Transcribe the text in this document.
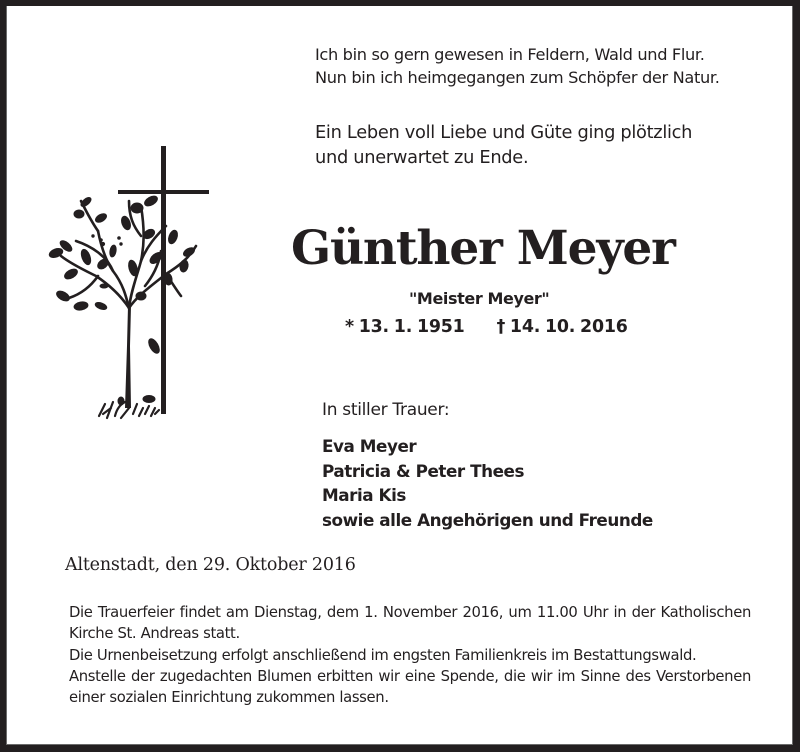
Ich bin so gern gewesen in Feldern, Wald und Flur.
Nun bin ich heimgegangen zum Schöpfer der Natur.
Ein Leben voll Liebe und Güte ging plötzlich
und unerwartet zu Ende.
Günther Meyer
"Meister Meyer"
* 13. 1. 1951 † 14. 10. 2016
In stiller Trauer:
Eva Meyer
Patricia & Peter Thees
Maria Kis
sowie alle Angehörigen und Freunde
Altenstadt, den 29. Oktober 2016

Die Trauerfeier findet am Dienstag, dem 1. November 2016, um 11.00 Uhr in der Katholischen Kirche St. Andreas statt.

Die Urnenbeisetzung erfolgt anschließend im engsten Familienkreis im Bestattungswald.

Anstelle der zugedachten Blumen erbitten wir eine Spende, die wir im Sinne des Verstorbenen einer sozialen Einrichtung zukommen lassen.
